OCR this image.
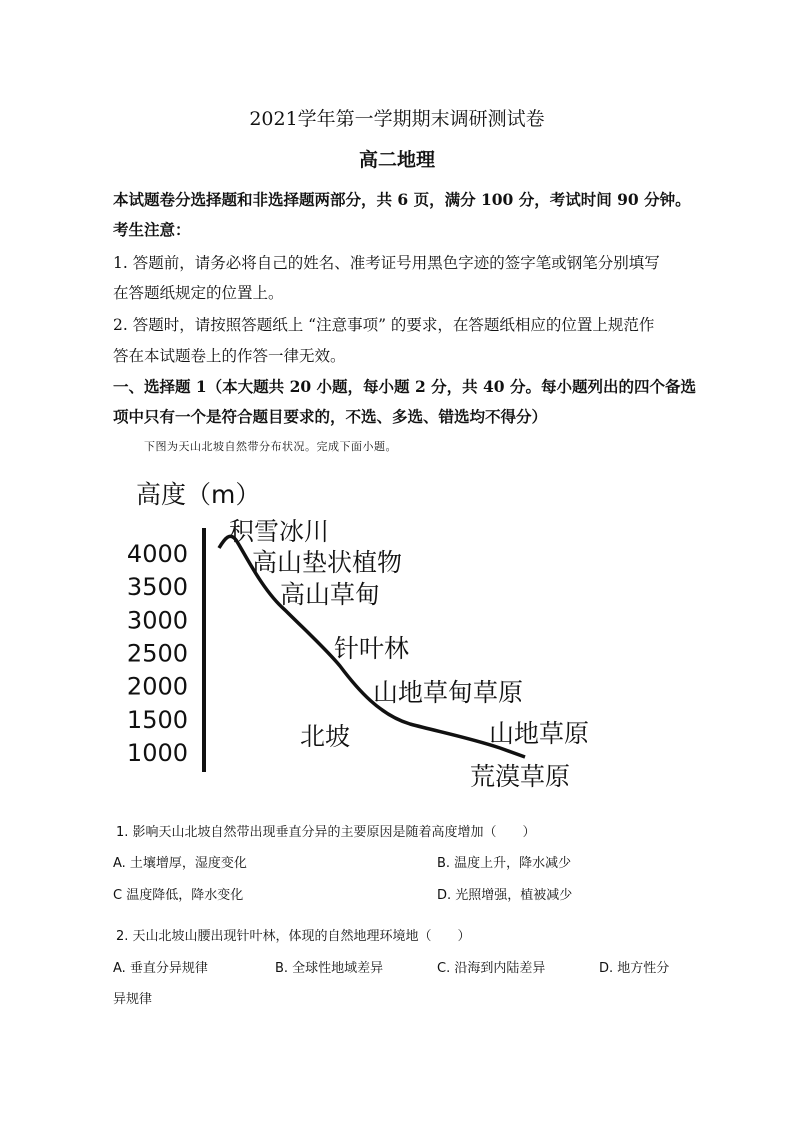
2021学年第一学期期末调研测试卷
高二地理
本试题卷分选择题和非选择题两部分，共 6 页，满分 100 分，考试时间 90 分钟。
考生注意：
1. 答题前，请务必将自己的姓名、准考证号用黑色字迹的签字笔或钢笔分别填写
在答题纸规定的位置上。
2. 答题时，请按照答题纸上 “注意事项” 的要求，在答题纸相应的位置上规范作
答在本试题卷上的作答一律无效。
一、选择题 1（本大题共 20 小题，每小题 2 分，共 40 分。每小题列出的四个备选
项中只有一个是符合题目要求的，不选、多选、错选均不得分）
下图为天山北坡自然带分布状况。完成下面小题。
高度（m）
4000
3500
3000
2500
2000
1500
1000
积雪冰川
高山垫状植物
高山草甸
针叶林
山地草甸草原
山地草原
荒漠草原
北坡
1. 影响天山北坡自然带出现垂直分异的主要原因是随着高度增加（　　）
A. 土壤增厚，湿度变化	B. 温度上升，降水减少
C 温度降低，降水变化	D. 光照增强，植被减少
2. 天山北坡山腰出现针叶林，体现的自然地理环境地（　　）
A. 垂直分异规律	B. 全球性地域差异	C. 沿海到内陆差异	D. 地方性分
异规律
